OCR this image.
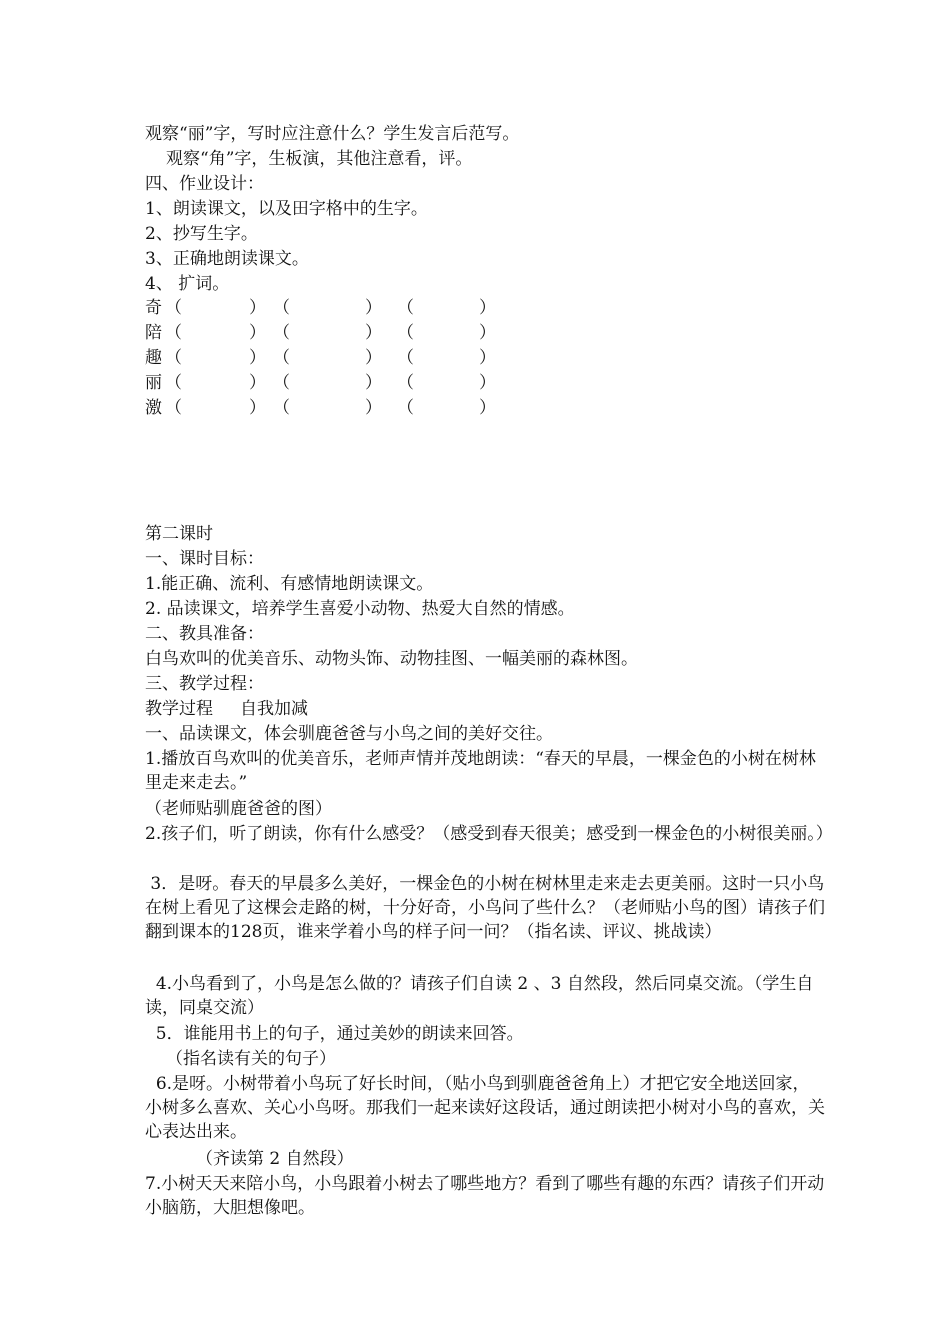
观察“丽”字，写时应注意什么？学生发言后范写。
观察“角”字，生板演，其他注意看，评。
四、作业设计：
1、朗读课文，以及田字格中的生字。
2、抄写生字。
3、正确地朗读课文。
4、 扩词。
奇 （	） （	） （	）
陪 （	） （	） （	）
趣 （	） （	） （	）
丽 （	） （	） （	）
激 （	） （	） （	）
第二课时
一、课时目标：
1.能正确、流利、有感情地朗读课文。
2. 品读课文，培养学生喜爱小动物、热爱大自然的情感。
二、教具准备：
白鸟欢叫的优美音乐、动物头饰、动物挂图、一幅美丽的森林图。
三、教学过程：
教学过程     自我加减
一、品读课文，体会驯鹿爸爸与小鸟之间的美好交往。
1.播放百鸟欢叫的优美音乐，老师声情并茂地朗读：“春天的早晨，一棵金色的小树在树林里走来走去。”
（老师贴驯鹿爸爸的图）
2.孩子们，听了朗读，你有什么感受？（感受到春天很美；感受到一棵金色的小树很美丽。）
3．是呀。春天的早晨多么美好，一棵金色的小树在树林里走来走去更美丽。这时一只小鸟在树上看见了这棵会走路的树，十分好奇，小鸟问了些什么？（老师贴小鸟的图）请孩子们翻到课本的128页，谁来学着小鸟的样子问一问？（指名读、评议、挑战读）
4.小鸟看到了，小鸟是怎么做的？请孩子们自读 2 、3 自然段，然后同桌交流。（学生自读，同桌交流）
5．谁能用书上的句子，通过美妙的朗读来回答。
（指名读有关的句子）
6.是呀。小树带着小鸟玩了好长时间，（贴小鸟到驯鹿爸爸角上）才把它安全地送回家，小树多么喜欢、关心小鸟呀。那我们一起来读好这段话，通过朗读把小树对小鸟的喜欢，关心表达出来。
（齐读第 2 自然段）
7.小树天天来陪小鸟，小鸟跟着小树去了哪些地方？看到了哪些有趣的东西？请孩子们开动小脑筋，大胆想像吧。
